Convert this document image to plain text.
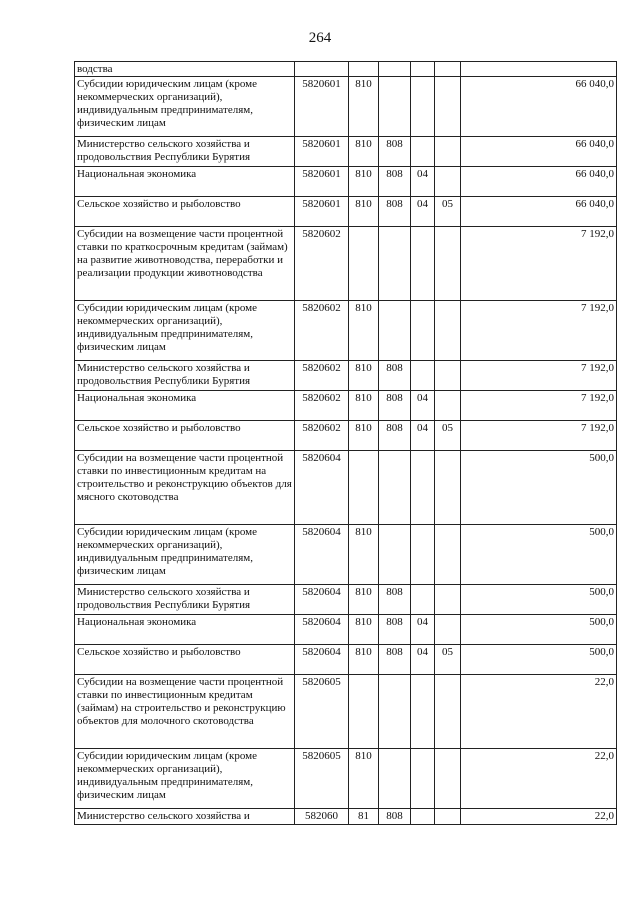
264
водства						
Субсидии юридическим лицам (кроме некоммерческих организаций), индивидуальным предпринимателям, физическим лицам	5820601	810				66 040,0
Министерство сельского хозяйства и продовольствия Республики Бурятия	5820601	810	808			66 040,0
Национальная экономика	5820601	810	808	04		66 040,0
Сельское хозяйство и рыболовство	5820601	810	808	04	05	66 040,0
Субсидии на возмещение части процентной ставки по краткосрочным кредитам (займам) на развитие животноводства, переработки и реализации продукции животноводства	5820602					7 192,0
Субсидии юридическим лицам (кроме некоммерческих организаций), индивидуальным предпринимателям, физическим лицам	5820602	810				7 192,0
Министерство сельского хозяйства и продовольствия Республики Бурятия	5820602	810	808			7 192,0
Национальная экономика	5820602	810	808	04		7 192,0
Сельское хозяйство и рыболовство	5820602	810	808	04	05	7 192,0
Субсидии на возмещение части процентной ставки по инвестиционным кредитам на строительство и реконструкцию объектов для мясного скотоводства	5820604					500,0
Субсидии юридическим лицам (кроме некоммерческих организаций), индивидуальным предпринимателям, физическим лицам	5820604	810				500,0
Министерство сельского хозяйства и продовольствия Республики Бурятия	5820604	810	808			500,0
Национальная экономика	5820604	810	808	04		500,0
Сельское хозяйство и рыболовство	5820604	810	808	04	05	500,0
Субсидии на возмещение части процентной ставки по инвестиционным кредитам (займам) на строительство и реконструкцию объектов для молочного скотоводства	5820605					22,0
Субсидии юридическим лицам (кроме некоммерческих организаций), индивидуальным предпринимателям, физическим лицам	5820605	810				22,0
Министерство сельского хозяйства и	582060	81	808			22,0
